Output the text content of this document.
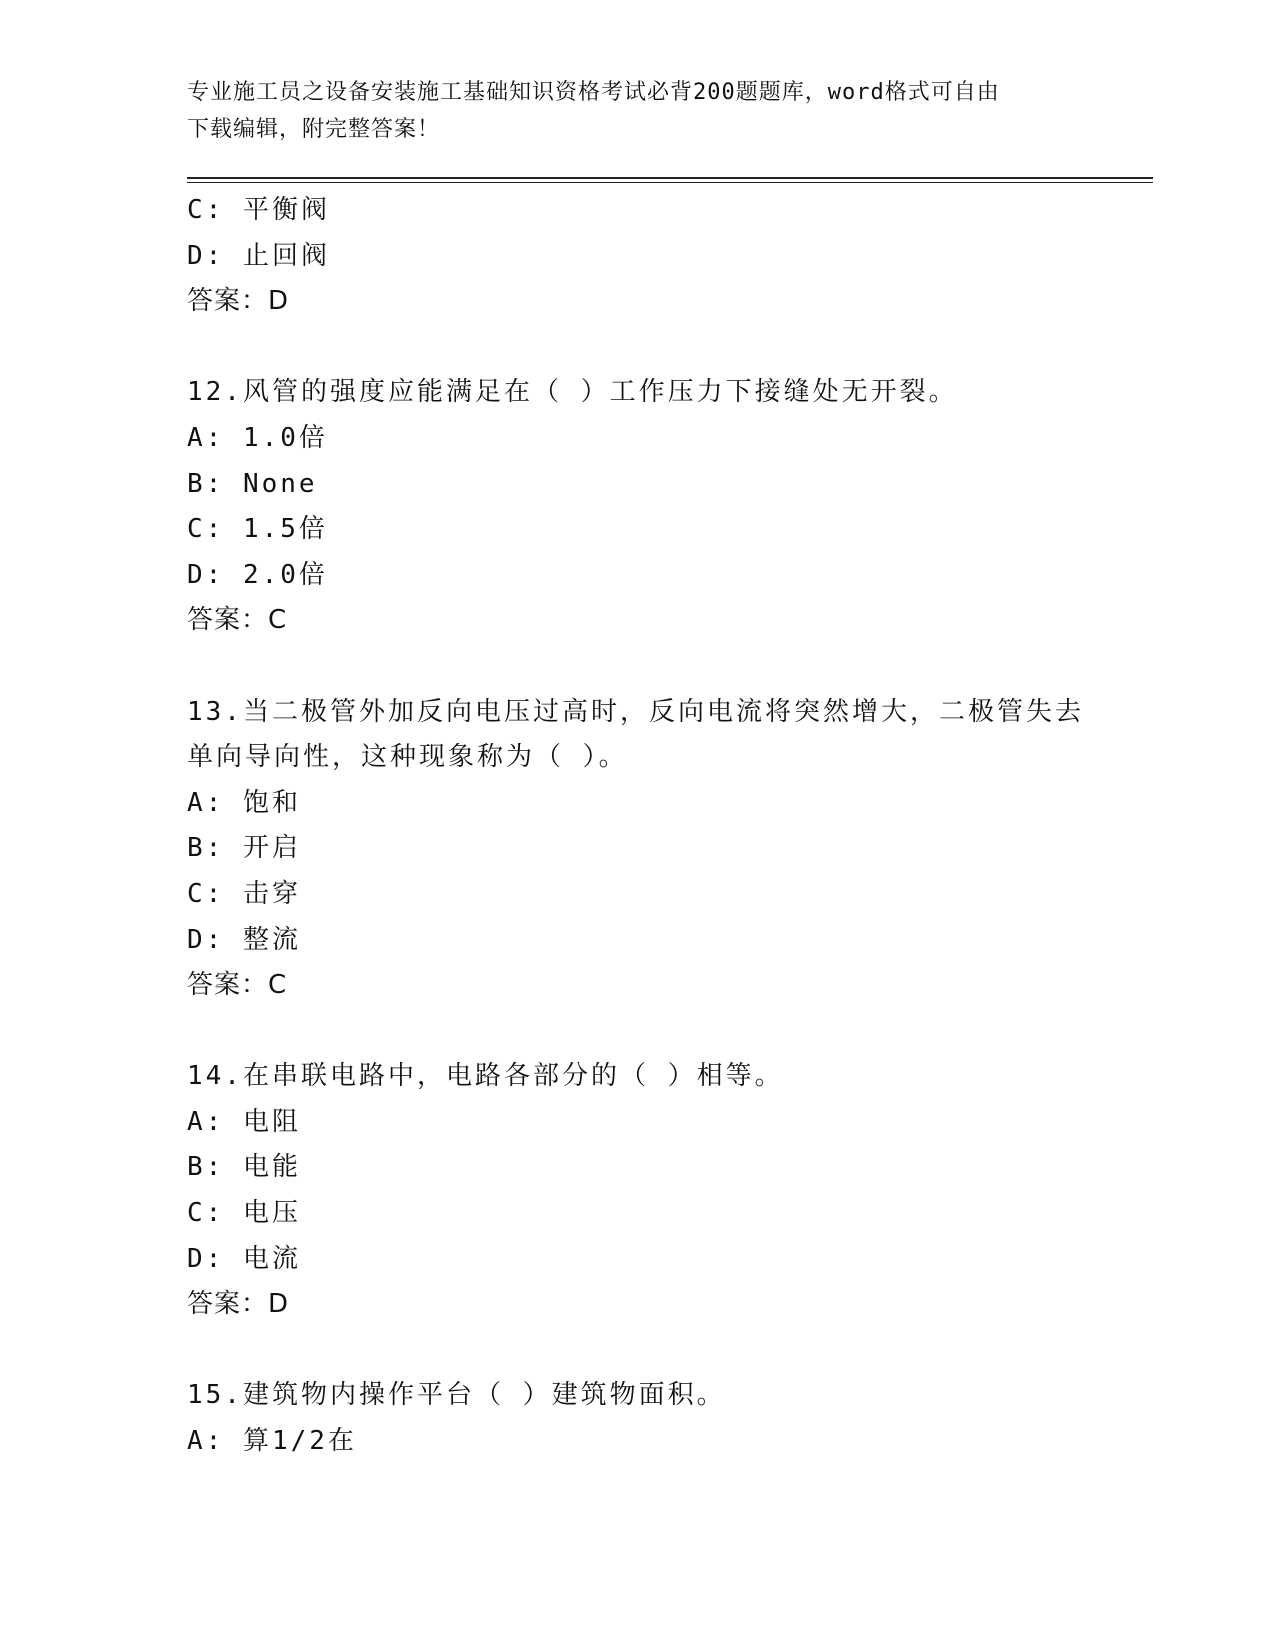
专业施工员之设备安装施工基础知识资格考试必背200题题库，word格式可自由
下载编辑，附完整答案！
C: 平衡阀
D: 止回阀
答案：D
12.风管的强度应能满足在（ ）工作压力下接缝处无开裂。
A: 1.0倍
B: None
C: 1.5倍
D: 2.0倍
答案：C
13.当二极管外加反向电压过高时，反向电流将突然增大，二极管失去
单向导向性，这种现象称为（ ）。
A: 饱和
B: 开启
C: 击穿
D: 整流
答案：C
14.在串联电路中，电路各部分的（ ）相等。
A: 电阻
B: 电能
C: 电压
D: 电流
答案：D
15.建筑物内操作平台（ ）建筑物面积。
A: 算1/2在
